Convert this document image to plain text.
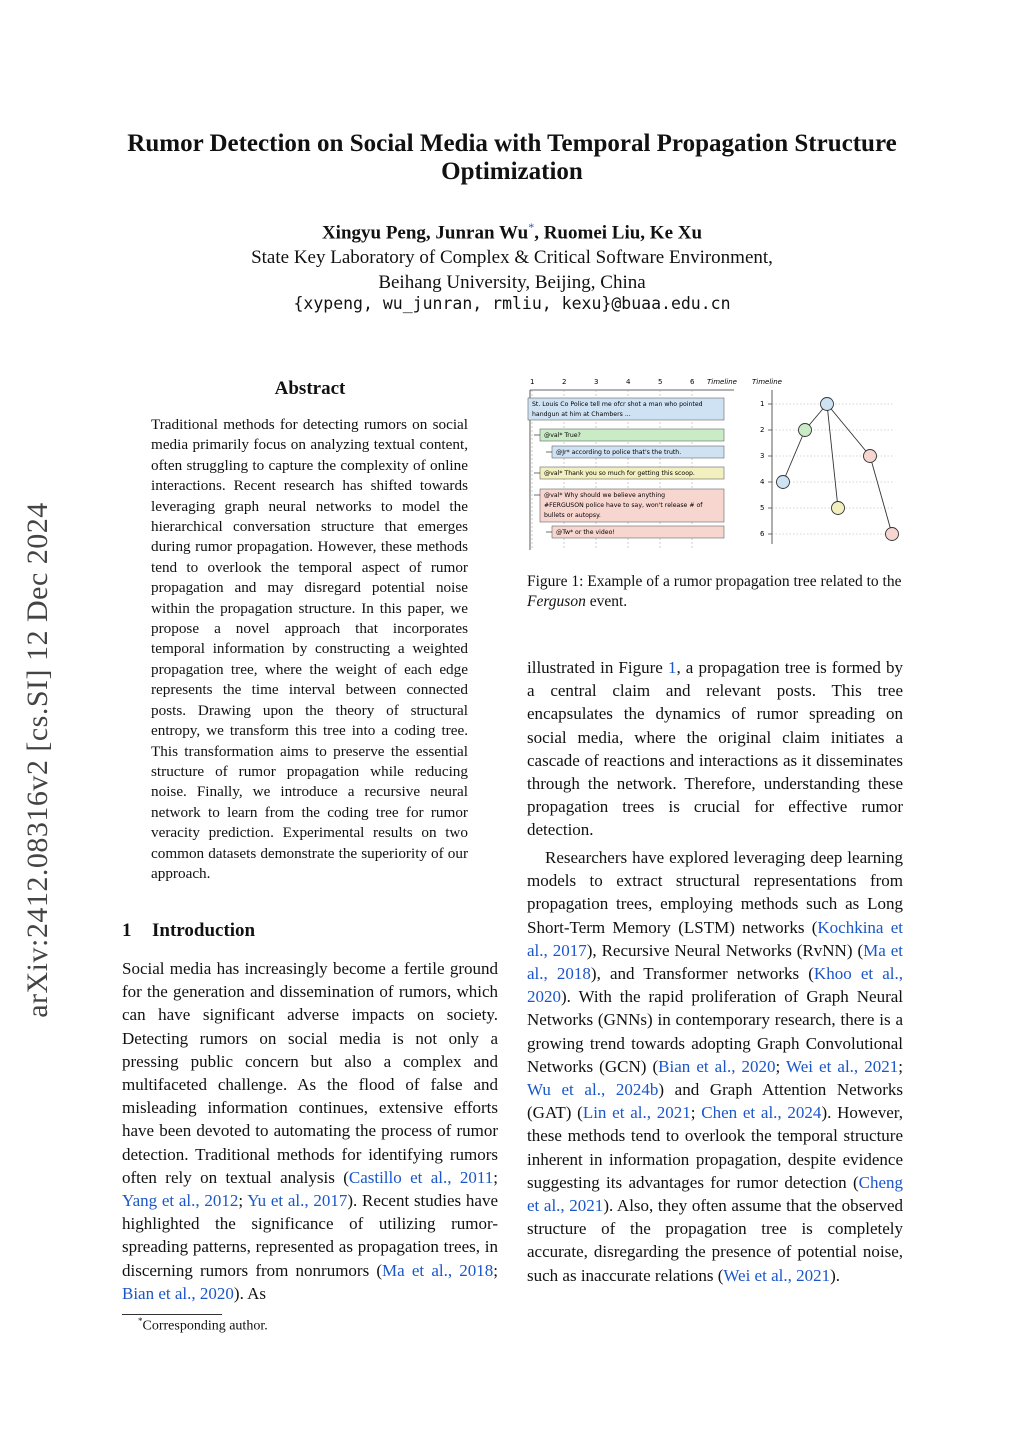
Rumor Detection on Social Media with Temporal Propagation Structure Optimization
Xingyu Peng, Junran Wu*, Ruomei Liu, Ke Xu
State Key Laboratory of Complex & Critical Software Environment,
Beihang University, Beijing, China
{xypeng, wu_junran, rmliu, kexu}@buaa.edu.cn
arXiv:2412.08316v2 [cs.SI] 12 Dec 2024
Abstract
Traditional methods for detecting rumors on social media primarily focus on analyzing textual content, often struggling to capture the complexity of online interactions. Recent research has shifted towards leveraging graph neural networks to model the hierarchical conversation structure that emerges during rumor propagation. However, these methods tend to overlook the temporal aspect of rumor propagation and may disregard potential noise within the propagation structure. In this paper, we propose a novel approach that incorporates temporal information by constructing a weighted propagation tree, where the weight of each edge represents the time interval between connected posts. Drawing upon the theory of structural entropy, we transform this tree into a coding tree. This transformation aims to preserve the essential structure of rumor propagation while reducing noise. Finally, we introduce a recursive neural network to learn from the coding tree for rumor veracity prediction. Experimental results on two common datasets demonstrate the superiority of our approach.
1 Introduction
Social media has increasingly become a fertile ground for the generation and dissemination of rumors, which can have significant adverse impacts on society. Detecting rumors on social media is not only a pressing public concern but also a complex and multifaceted challenge. As the flood of false and misleading information continues, extensive efforts have been devoted to automating the process of rumor detection. Traditional methods for identifying rumors often rely on textual analysis (Castillo et al., 2011; Yang et al., 2012; Yu et al., 2017). Recent studies have highlighted the significance of utilizing rumor-spreading patterns, represented as propagation trees, in discerning rumors from nonrumors (Ma et al., 2018; Bian et al., 2020). As
*Corresponding author.
1	2	3	4	5	6 Timeline
St. Louis Co Police tell me ofcr shot a man who pointed
handgun at him at Chambers ...
@val* True?
@Jr* according to police that's the truth.
@val* Thank you so much for getting this scoop.
@val* Why should we believe anything
#FERGUSON police have to say, won't release # of
bullets or autopsy.
@Tw* or the video!
Timeline
1
2
3
4
5
6
Figure 1: Example of a rumor propagation tree related to the Ferguson event.
illustrated in Figure 1, a propagation tree is formed by a central claim and relevant posts. This tree encapsulates the dynamics of rumor spreading on social media, where the original claim initiates a cascade of reactions and interactions as it disseminates through the network. Therefore, understanding these propagation trees is crucial for effective rumor detection.
Researchers have explored leveraging deep learning models to extract structural representations from propagation trees, employing methods such as Long Short-Term Memory (LSTM) networks (Kochkina et al., 2017), Recursive Neural Networks (RvNN) (Ma et al., 2018), and Transformer networks (Khoo et al., 2020). With the rapid proliferation of Graph Neural Networks (GNNs) in contemporary research, there is a growing trend towards adopting Graph Convolutional Networks (GCN) (Bian et al., 2020; Wei et al., 2021; Wu et al., 2024b) and Graph Attention Networks (GAT) (Lin et al., 2021; Chen et al., 2024). However, these methods tend to overlook the temporal structure inherent in information propagation, despite evidence suggesting its advantages for rumor detection (Cheng et al., 2021). Also, they often assume that the observed structure of the propagation tree is completely accurate, disregarding the presence of potential noise, such as inaccurate relations (Wei et al., 2021).
